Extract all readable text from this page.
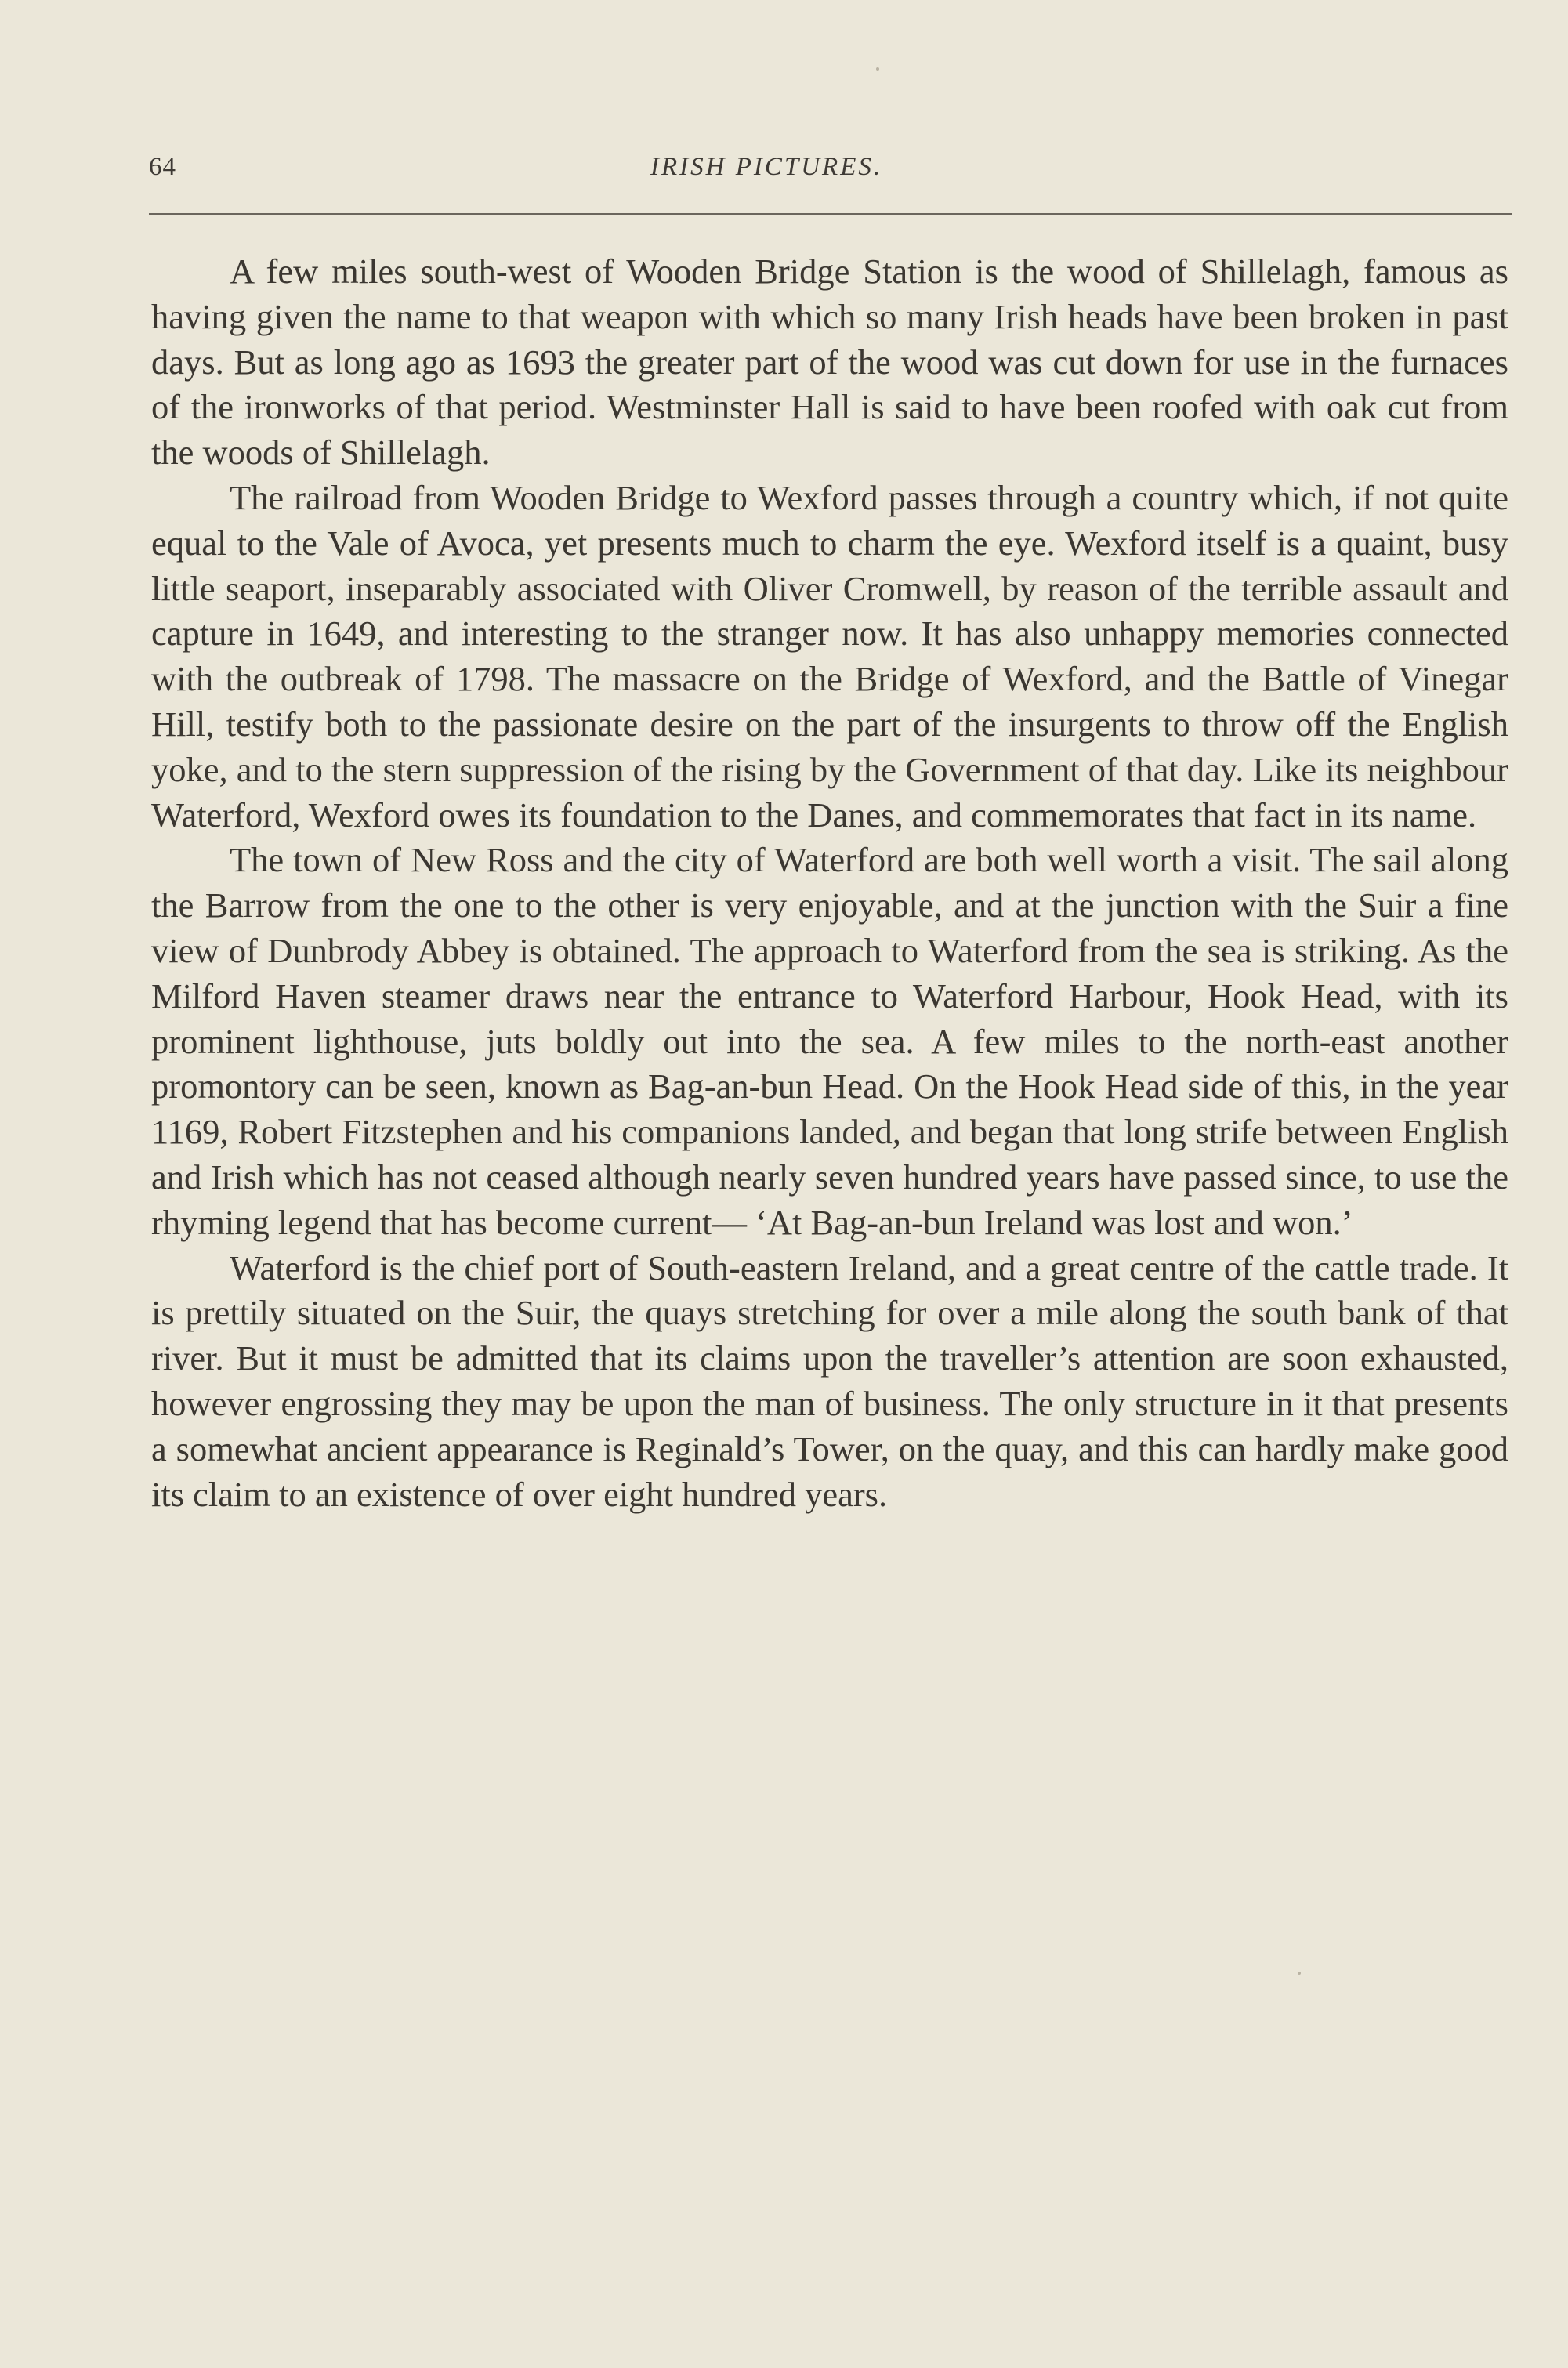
64	IRISH PICTURES.

A few miles south-west of Wooden Bridge Station is the wood of Shillelagh, famous as having given the name to that weapon with which so many Irish heads have been broken in past days. But as long ago as 1693 the greater part of the wood was cut down for use in the furnaces of the ironworks of that period. Westminster Hall is said to have been roofed with oak cut from the woods of Shillelagh.

The railroad from Wooden Bridge to Wexford passes through a country which, if not quite equal to the Vale of Avoca, yet presents much to charm the eye. Wexford itself is a quaint, busy little seaport, inseparably associated with Oliver Cromwell, by reason of the terrible assault and capture in 1649, and interesting to the stranger now. It has also unhappy memories connected with the outbreak of 1798. The massacre on the Bridge of Wexford, and the Battle of Vinegar Hill, testify both to the passionate desire on the part of the insurgents to throw off the English yoke, and to the stern suppression of the rising by the Government of that day. Like its neighbour Waterford, Wexford owes its foundation to the Danes, and commemorates that fact in its name.

The town of New Ross and the city of Waterford are both well worth a visit. The sail along the Barrow from the one to the other is very enjoyable, and at the junction with the Suir a fine view of Dunbrody Abbey is obtained. The approach to Waterford from the sea is striking. As the Milford Haven steamer draws near the entrance to Waterford Harbour, Hook Head, with its prominent lighthouse, juts boldly out into the sea. A few miles to the north-east another promontory can be seen, known as Bag-an-bun Head. On the Hook Head side of this, in the year 1169, Robert Fitzstephen and his companions landed, and began that long strife between English and Irish which has not ceased although nearly seven hundred years have passed since, to use the rhyming legend that has become current— ‘At Bag-an-bun Ireland was lost and won.’

Waterford is the chief port of South-eastern Ireland, and a great centre of the cattle trade. It is prettily situated on the Suir, the quays stretching for over a mile along the south bank of that river. But it must be admitted that its claims upon the traveller’s attention are soon exhausted, however engrossing they may be upon the man of business. The only structure in it that presents a somewhat ancient appearance is Reginald’s Tower, on the quay, and this can hardly make good its claim to an existence of over eight hundred years.
